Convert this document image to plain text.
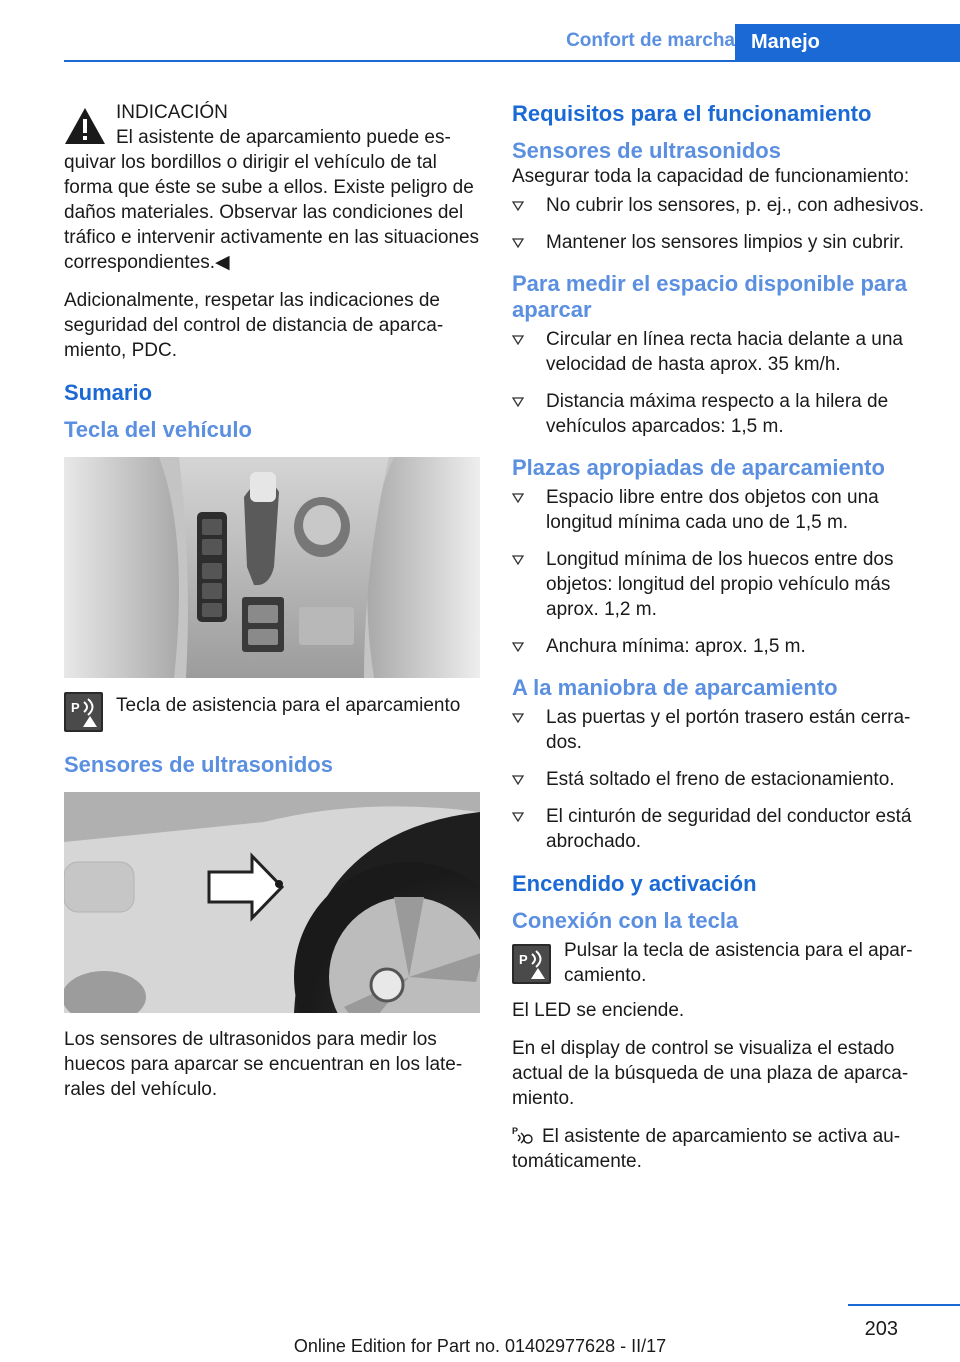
Confort de marcha Manejo
INDICACIÓN

El asistente de aparcamiento puede esquivar los bordillos o dirigir el vehículo de tal forma que éste se sube a ellos. Existe peligro de daños materiales. Observar las condiciones del tráfico e intervenir activamente en las situaciones correspondientes.◀

Adicionalmente, respetar las indicaciones de seguridad del control de distancia de aparcamiento, PDC.

Sumario
Tecla del vehículo
P Tecla de asistencia para el aparcamiento
Sensores de ultrasonidos

Los sensores de ultrasonidos para medir los huecos para aparcar se encuentran en los laterales del vehículo.

Requisitos para el funcionamiento
Sensores de ultrasonidos

Asegurar toda la capacidad de funcionamiento:

No cubrir los sensores, p. ej., con adhesivos.
Mantener los sensores limpios y sin cubrir.
Para medir el espacio disponible para aparcar
Circular en línea recta hacia delante a una velocidad de hasta aprox. 35 km/h.
Distancia máxima respecto a la hilera de vehículos aparcados: 1,5 m.
Plazas apropiadas de aparcamiento
Espacio libre entre dos objetos con una longitud mínima cada uno de 1,5 m.
Longitud mínima de los huecos entre dos objetos: longitud del propio vehículo más aprox. 1,2 m.
Anchura mínima: aprox. 1,5 m.
A la maniobra de aparcamiento
Las puertas y el portón trasero están cerrados.
Está soltado el freno de estacionamiento.
El cinturón de seguridad del conductor está abrochado.
Encendido y activación
Conexión con la tecla
P Pulsar la tecla de asistencia para el aparcamiento.

El LED se enciende.

En el display de control se visualiza el estado actual de la búsqueda de una plaza de aparcamiento.

P El asistente de aparcamiento se activa automáticamente.

203
Online Edition for Part no. 01402977628 - II/17
